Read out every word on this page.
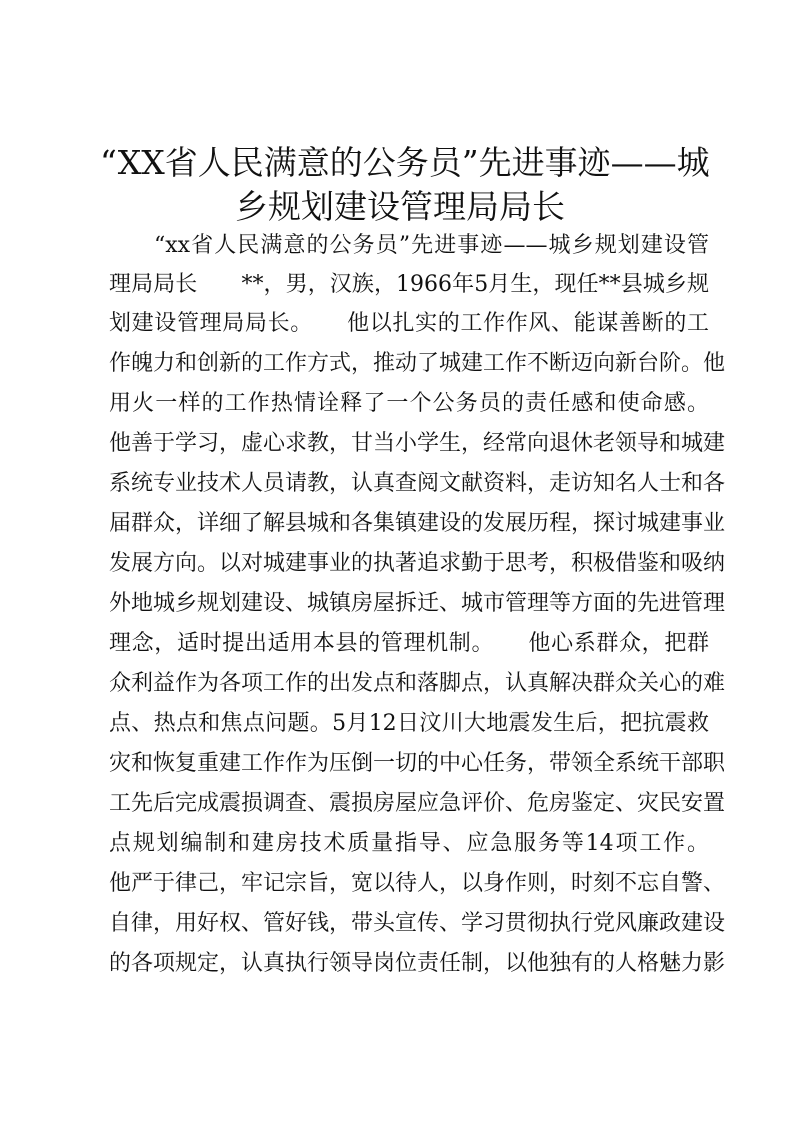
“XX省人民满意的公务员”先进事迹——城
乡规划建设管理局局长
“xx省人民满意的公务员”先进事迹——城乡规划建设管
理局局长　　**，男，汉族，1966年5月生，现任**县城乡规
划建设管理局局长。　　他以扎实的工作作风、能谋善断的工
作魄力和创新的工作方式，推动了城建工作不断迈向新台阶。他
用火一样的工作热情诠释了一个公务员的责任感和使命感。
他善于学习，虚心求教，甘当小学生，经常向退休老领导和城建
系统专业技术人员请教，认真查阅文献资料，走访知名人士和各
届群众，详细了解县城和各集镇建设的发展历程，探讨城建事业
发展方向。以对城建事业的执著追求勤于思考，积极借鉴和吸纳
外地城乡规划建设、城镇房屋拆迁、城市管理等方面的先进管理
理念，适时提出适用本县的管理机制。　　他心系群众，把群
众利益作为各项工作的出发点和落脚点，认真解决群众关心的难
点、热点和焦点问题。5月12日汶川大地震发生后，把抗震救
灾和恢复重建工作作为压倒一切的中心任务，带领全系统干部职
工先后完成震损调查、震损房屋应急评价、危房鉴定、灾民安置
点规划编制和建房技术质量指导、应急服务等14项工作。
他严于律己，牢记宗旨，宽以待人，以身作则，时刻不忘自警、
自律，用好权、管好钱，带头宣传、学习贯彻执行党风廉政建设
的各项规定，认真执行领导岗位责任制，以他独有的人格魅力影
